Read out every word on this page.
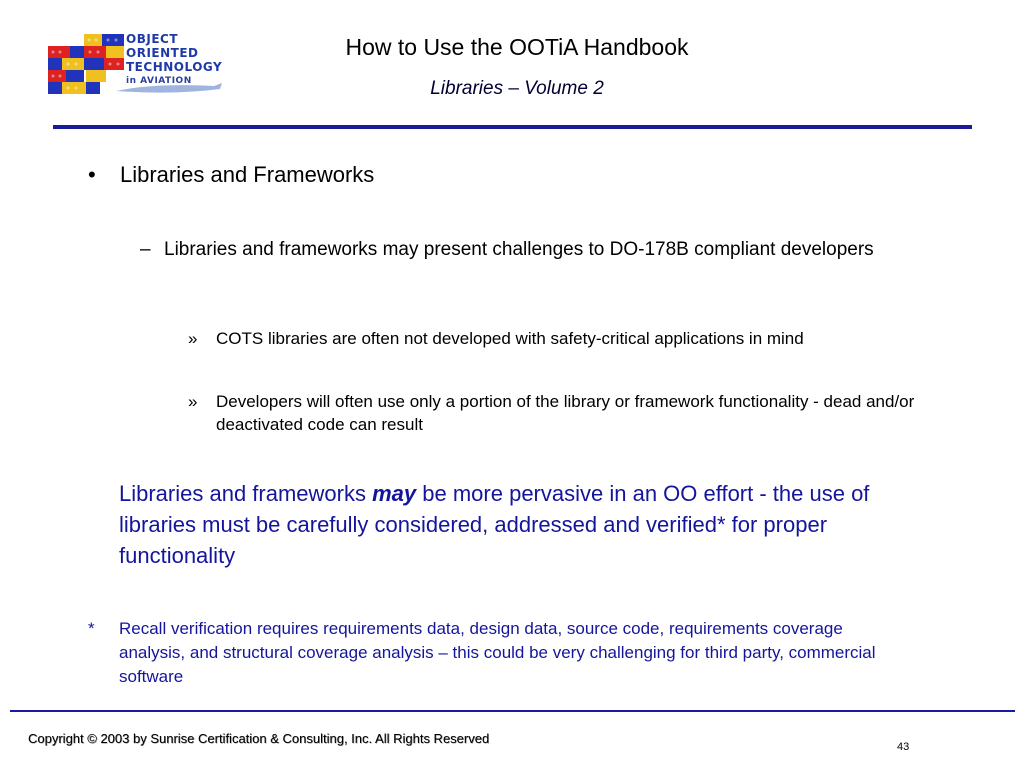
OBJECT
ORIENTED
TECHNOLOGY
in AVIATION
How to Use the OOTiA Handbook
Libraries – Volume 2
• Libraries and Frameworks
– Libraries and frameworks may present challenges to DO-178B compliant developers
» COTS libraries are often not developed with safety-critical applications in mind
» Developers will often use only a portion of the library or framework functionality - dead and/or deactivated code can result
Libraries and frameworks may be more pervasive in an OO effort - the use of libraries must be carefully considered, addressed and verified* for proper functionality
* Recall verification requires requirements data, design data, source code, requirements coverage analysis, and structural coverage analysis – this could be very challenging for third party, commercial software
Copyright © 2003 by Sunrise Certification & Consulting, Inc. All Rights Reserved
43
